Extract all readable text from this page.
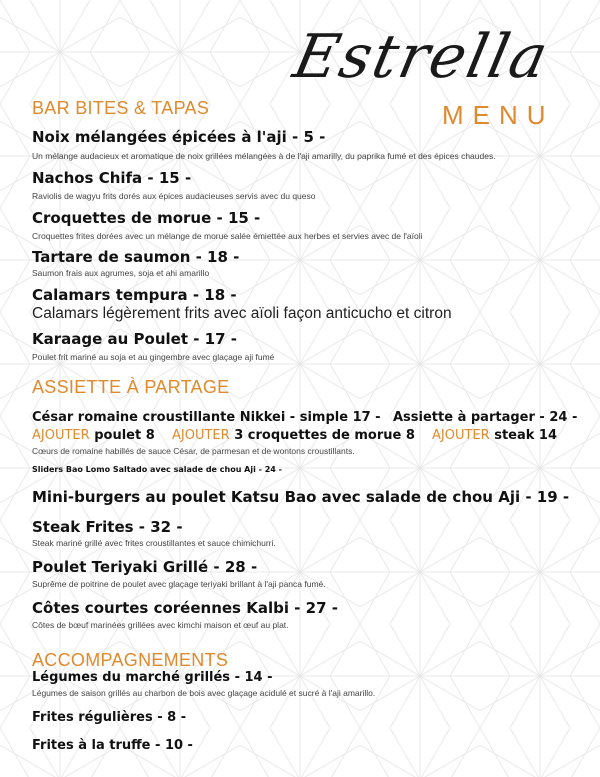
Estrella
MENU
BAR BITES & TAPAS
Noix mélangées épicées à l'aji - 5 -
Un mélange audacieux et aromatique de noix grillées mélangées à de l'aji amarilly, du paprika fumé et des épices chaudes.
Nachos Chifa - 15 -
Raviolis de wagyu frits dorés aux épices audacieuses servis avec du queso
Croquettes de morue - 15 -
Croquettes frites dorées avec un mélange de morue salée émiettée aux herbes et servies avec de l'aïoli
Tartare de saumon - 18 -
Saumon frais aux agrumes, soja et ahi amarillo
Calamars tempura - 18 -
Calamars légèrement frits avec aïoli façon anticucho et citron
Karaage au Poulet - 17 -
Poulet frit mariné au soja et au gingembre avec glaçage aji fumé
ASSIETTE À PARTAGE
César romaine croustillante Nikkei - simple 17 - Assiette à partager - 24 -
AJOUTER poulet 8 AJOUTER 3 croquettes de morue 8 AJOUTER steak 14
Cœurs de romaine habillés de sauce César, de parmesan et de wontons croustillants.
Sliders Bao Lomo Saltado avec salade de chou Aji - 24 -
Mini-burgers au poulet Katsu Bao avec salade de chou Aji - 19 -
Steak Frites - 32 -
Steak mariné grillé avec frites croustillantes et sauce chimichurri.
Poulet Teriyaki Grillé - 28 -
Suprême de poitrine de poulet avec glaçage teriyaki brillant à l'aji panca fumé.
Côtes courtes coréennes Kalbi - 27 -
Côtes de bœuf marinées grillées avec kimchi maison et œuf au plat.
ACCOMPAGNEMENTS
Légumes du marché grillés - 14 -
Légumes de saison grillés au charbon de bois avec glaçage acidulé et sucré à l'aji amarillo.
Frites régulières - 8 -
Frites à la truffe - 10 -
